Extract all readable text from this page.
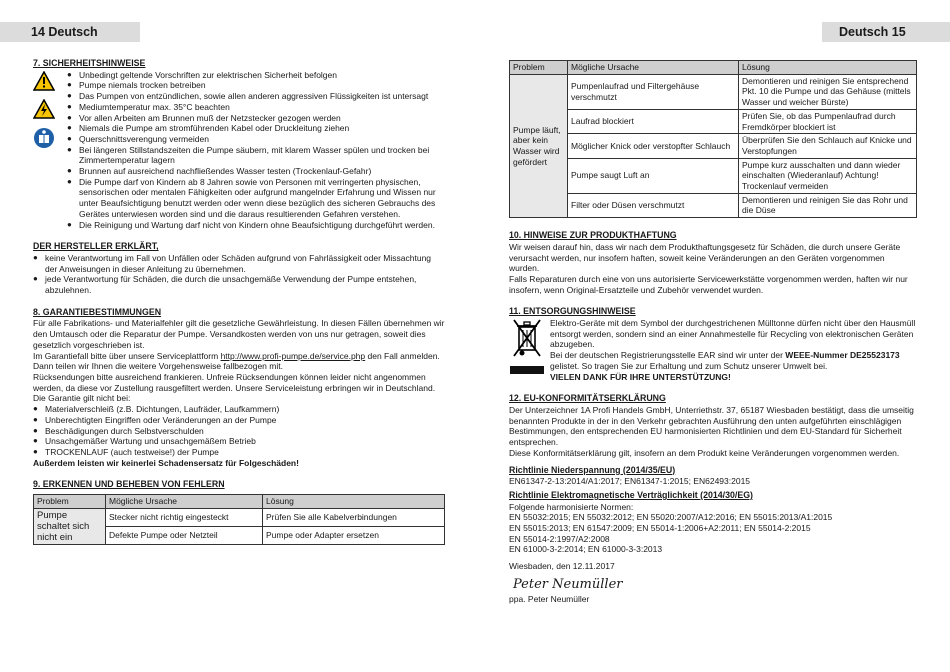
14 Deutsch	Deutsch 15
7. SICHERHEITSHINWEISE
● Unbedingt geltende Vorschriften zur elektrischen Sicherheit befolgen
● Pumpe niemals trocken betreiben
● Das Pumpen von entzündlichen, sowie allen anderen aggressiven Flüssigkeiten ist untersagt
● Mediumtemperatur max. 35°C beachten
● Vor allen Arbeiten am Brunnen muß der Netzstecker gezogen werden
● Niemals die Pumpe am stromführenden Kabel oder Druckleitung ziehen
● Querschnittsverengung vermeiden
● Bei längeren Stillstandszeiten die Pumpe säubern, mit klarem Wasser spülen und trocken bei Zimmertemperatur lagern
● Brunnen auf ausreichend nachfließendes Wasser testen (Trockenlauf-Gefahr)
● Die Pumpe darf von Kindern ab 8 Jahren sowie von Personen mit verringerten physischen, sensorischen oder mentalen Fähigkeiten oder aufgrund mangelnder Erfahrung und Wissen nur unter Beaufsichtigung benutzt werden oder wenn diese bezüglich des sicheren Gebrauchs des Gerätes unterwiesen worden sind und die daraus resultierenden Gefahren verstehen.
● Die Reinigung und Wartung darf nicht von Kindern ohne Beaufsichtigung durchgeführt werden.
DER HERSTELLER ERKLÄRT,
● keine Verantwortung im Fall von Unfällen oder Schäden aufgrund von Fahrlässigkeit oder Missachtung der Anweisungen in dieser Anleitung zu übernehmen.
● jede Verantwortung für Schäden, die durch die unsachgemäße Verwendung der Pumpe entstehen, abzulehnen.
8. GARANTIEBESTIMMUNGEN
Für alle Fabrikations- und Materialfehler gilt die gesetzliche Gewährleistung. In diesen Fällen übernehmen wir den Umtausch oder die Reparatur der Pumpe. Versandkosten werden von uns nur getragen, soweit dies gesetzlich vorgeschrieben ist.
Im Garantiefall bitte über unsere Serviceplattform http://www.profi-pumpe.de/service.php den Fall anmelden. Dann teilen wir Ihnen die weitere Vorgehensweise fallbezogen mit.
Rücksendungen bitte ausreichend frankieren. Unfreie Rücksendungen können leider nicht angenommen werden, da diese vor Zustellung rausgefiltert werden. Unsere Serviceleistung erbringen wir in Deutschland.
Die Garantie gilt nicht bei:
● Materialverschleiß (z.B. Dichtungen, Laufräder, Laufkammern)
● Unberechtigten Eingriffen oder Veränderungen an der Pumpe
● Beschädigungen durch Selbstverschulden
● Unsachgemäßer Wartung und unsachgemäßem Betrieb
● TROCKENLAUF (auch testweise!) der Pumpe
Außerdem leisten wir keinerlei Schadensersatz für Folgeschäden!
9. ERKENNEN UND BEHEBEN VON FEHLERN
Problem	Mögliche Ursache	Lösung
Pumpe schaltet sich nicht ein	Stecker nicht richtig eingesteckt	Prüfen Sie alle Kabelverbindungen
	Defekte Pumpe oder Netzteil	Pumpe oder Adapter ersetzen
Problem	Mögliche Ursache	Lösung
Pumpe läuft, aber kein Wasser wird gefördert	Pumpenlaufrad und Filtergehäuse verschmutzt	Demontieren und reinigen Sie entsprechend Pkt. 10 die Pumpe und das Gehäuse (mittels Wasser und weicher Bürste)
	Laufrad blockiert	Prüfen Sie, ob das Pumpenlaufrad durch Fremdkörper blockiert ist
	Möglicher Knick oder verstopfter Schlauch	Überprüfen Sie den Schlauch auf Knicke und Verstopfungen
	Pumpe saugt Luft an	Pumpe kurz ausschalten und dann wieder einschalten (Wiederanlauf) Achtung! Trockenlauf vermeiden
	Filter oder Düsen verschmutzt	Demontieren und reinigen Sie das Rohr und die Düse
10. HINWEISE ZUR PRODUKTHAFTUNG
Wir weisen darauf hin, dass wir nach dem Produkthaftungsgesetz für Schäden, die durch unsere Geräte verursacht werden, nur insofern haften, soweit keine Veränderungen an den Geräten vorgenommen wurden.
Falls Reparaturen durch eine von uns autorisierte Servicewerkstätte vorgenommen werden, haften wir nur insofern, wenn Original-Ersatzteile und Zubehör verwendet wurden.
11. ENTSORGUNGSHINWEISE
Elektro-Geräte mit dem Symbol der durchgestrichenen Mülltonne dürfen nicht über den Hausmüll entsorgt werden, sondern sind an einer Annahmestelle für Recycling von elektronischen Geräten abzugeben.
Bei der deutschen Registrierungsstelle EAR sind wir unter der WEEE-Nummer DE25523173 gelistet. So tragen Sie zur Erhaltung und zum Schutz unserer Umwelt bei.
VIELEN DANK FÜR IHRE UNTERSTÜTZUNG!
12. EU-KONFORMITÄTSERKLÄRUNG
Der Unterzeichner 1A Profi Handels GmbH, Unterriethstr. 37, 65187 Wiesbaden bestätigt, dass die umseitig benannten Produkte in der in den Verkehr gebrachten Ausführung den unten aufgeführten einschlägigen Bestimmungen, den entsprechenden EU harmonisierten Richtlinien und dem EU-Standard für Sicherheit entsprechen.
Diese Konformitätserklärung gilt, insofern an dem Produkt keine Veränderungen vorgenommen werden.
Richtlinie Niederspannung (2014/35/EU)
EN61347-2-13:2014/A1:2017; EN61347-1:2015; EN62493:2015
Richtlinie Elektromagnetische Verträglichkeit (2014/30/EG)
Folgende harmonisierte Normen:
EN 55032:2015; EN 55032:2012; EN 55020:2007/A12:2016; EN 55015:2013/A1:2015
EN 55015:2013; EN 61547:2009; EN 55014-1:2006+A2:2011; EN 55014-2:2015
EN 55014-2:1997/A2:2008
EN 61000-3-2:2014; EN 61000-3-3:2013
Wiesbaden, den 12.11.2017
Peter Neumüller
ppa. Peter Neumüller
